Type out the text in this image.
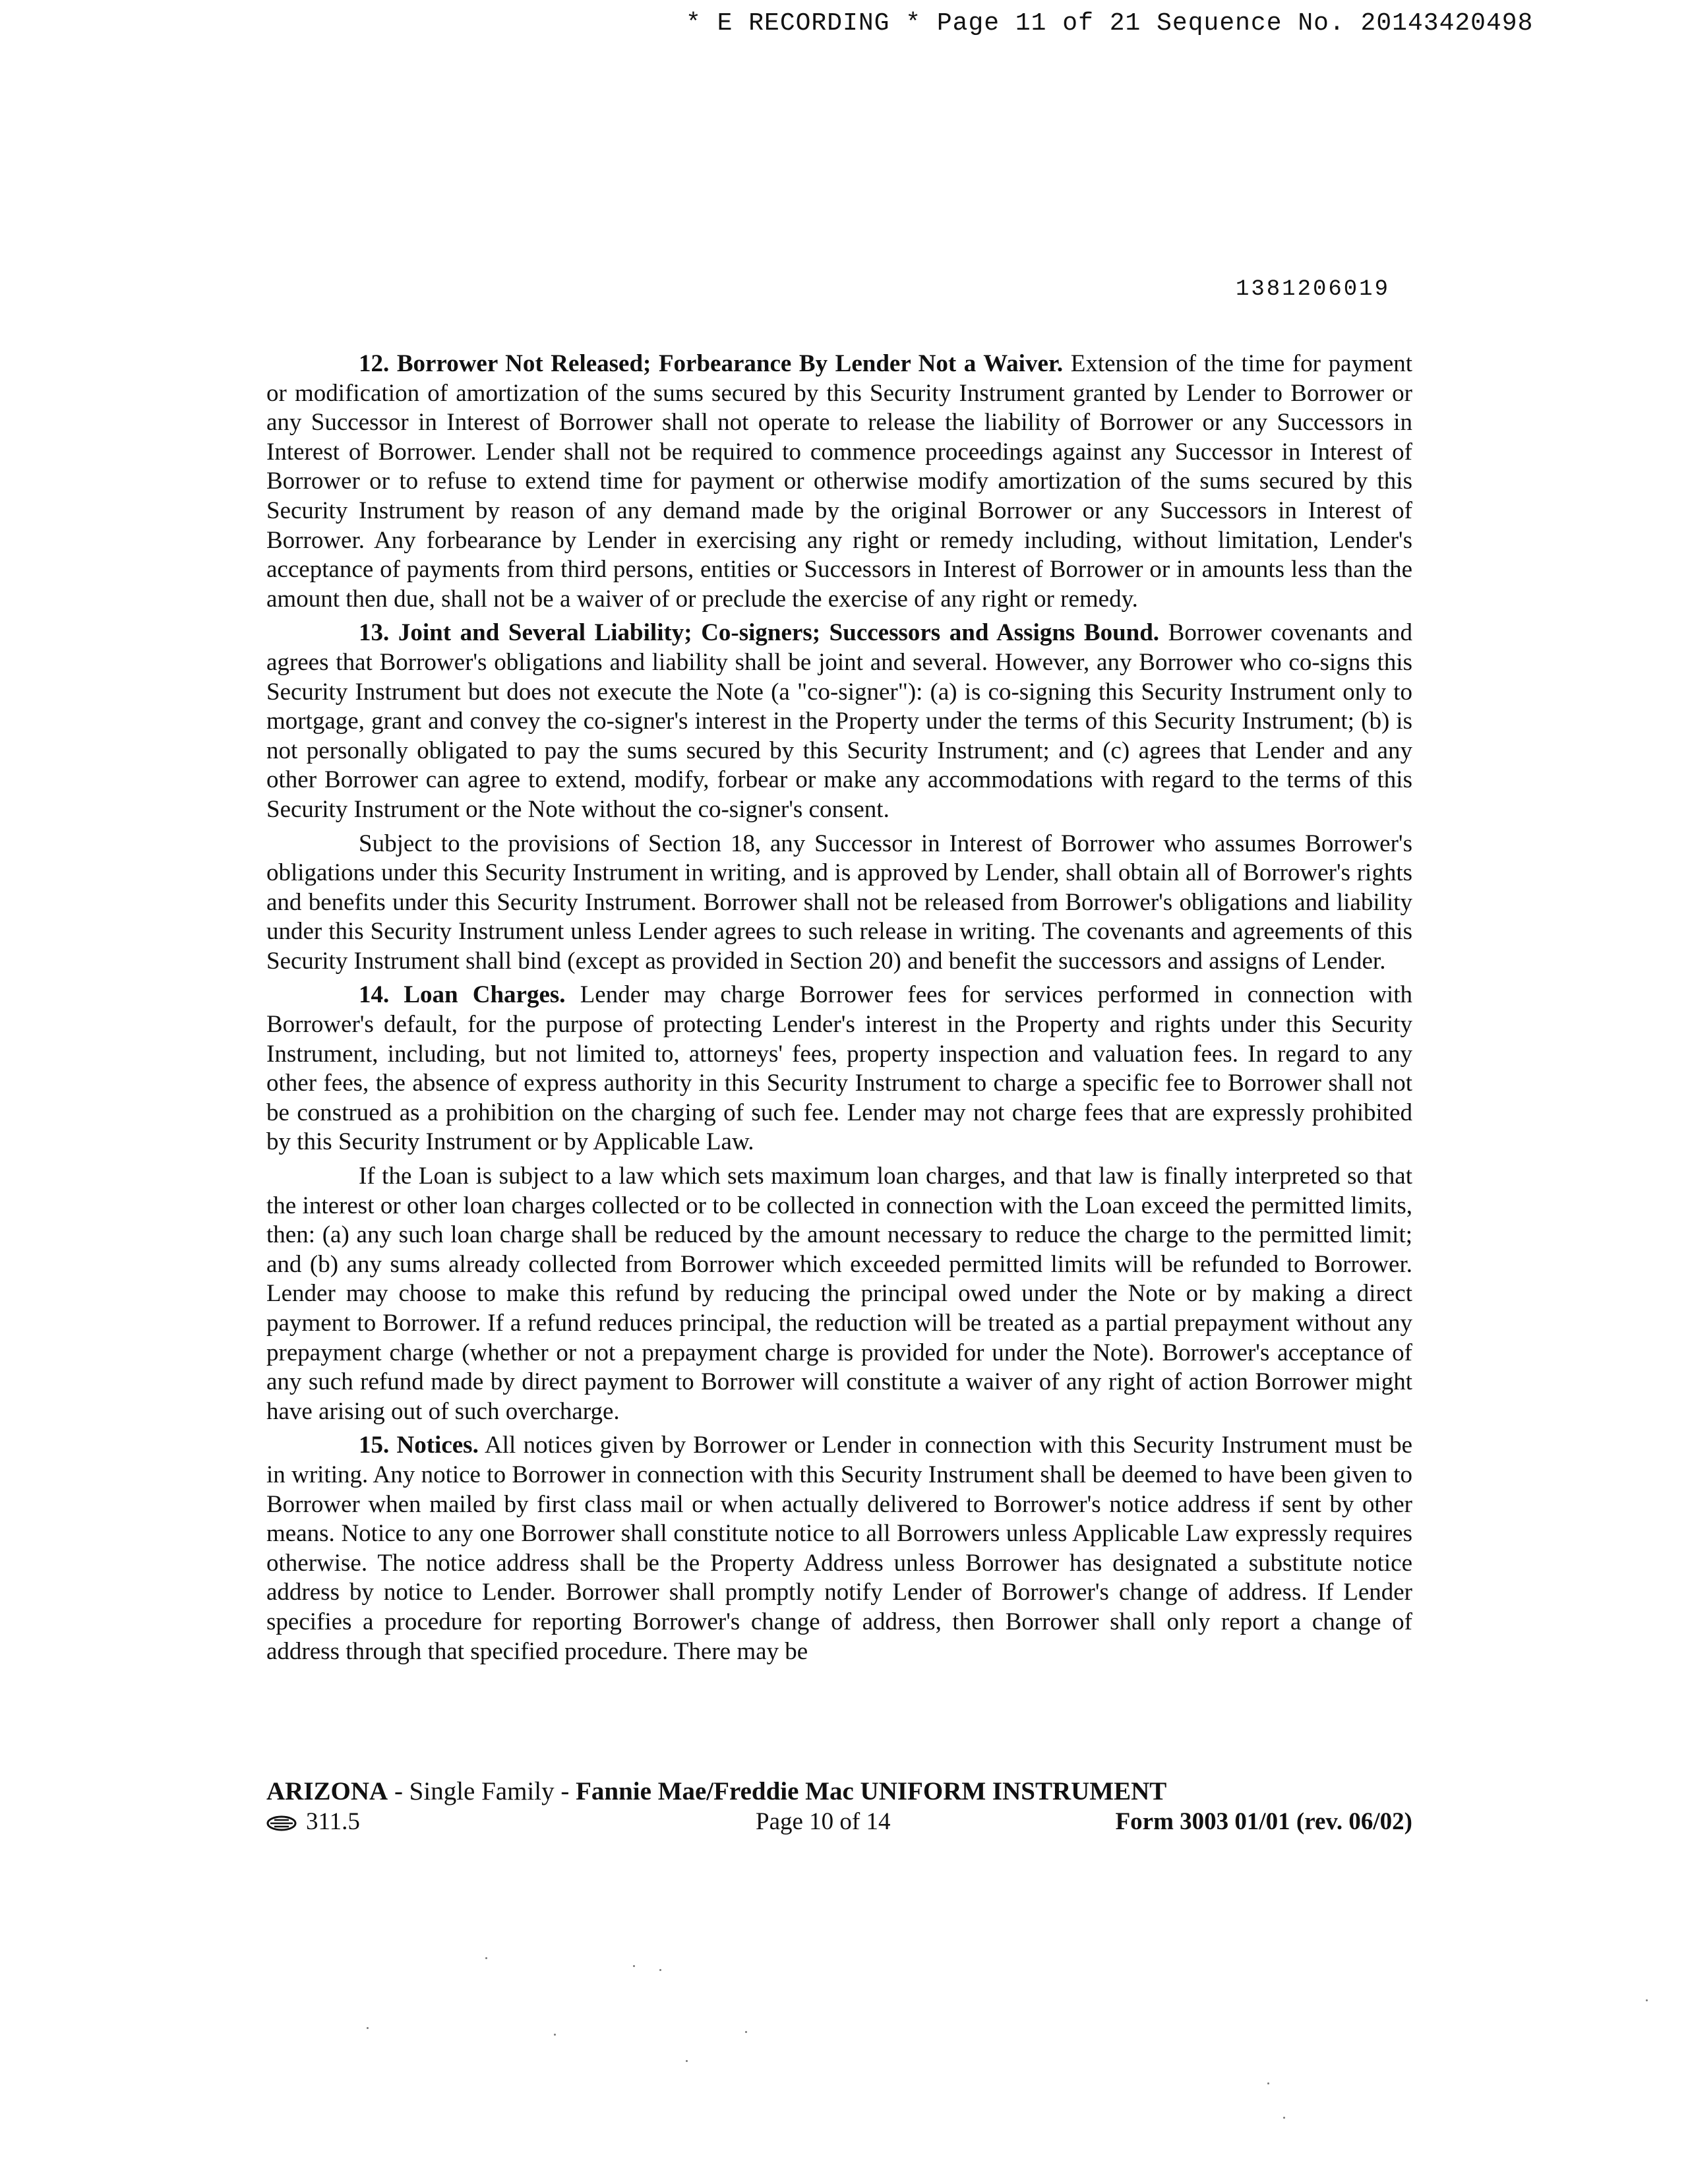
* E RECORDING * Page 11 of 21 Sequence No. 20143420498
1381206019

12. Borrower Not Released; Forbearance By Lender Not a Waiver. Extension of the time for payment or modification of amortization of the sums secured by this Security Instrument granted by Lender to Borrower or any Successor in Interest of Borrower shall not operate to release the liability of Borrower or any Successors in Interest of Borrower. Lender shall not be required to commence proceedings against any Successor in Interest of Borrower or to refuse to extend time for payment or otherwise modify amortization of the sums secured by this Security Instrument by reason of any demand made by the original Borrower or any Successors in Interest of Borrower. Any forbearance by Lender in exercising any right or remedy including, without limitation, Lender's acceptance of payments from third persons, entities or Successors in Interest of Borrower or in amounts less than the amount then due, shall not be a waiver of or preclude the exercise of any right or remedy.

13. Joint and Several Liability; Co-signers; Successors and Assigns Bound. Borrower covenants and agrees that Borrower's obligations and liability shall be joint and several. However, any Borrower who co-signs this Security Instrument but does not execute the Note (a "co-signer"): (a) is co-signing this Security Instrument only to mortgage, grant and convey the co-signer's interest in the Property under the terms of this Security Instrument; (b) is not personally obligated to pay the sums secured by this Security Instrument; and (c) agrees that Lender and any other Borrower can agree to extend, modify, forbear or make any accommodations with regard to the terms of this Security Instrument or the Note without the co-signer's consent.

Subject to the provisions of Section 18, any Successor in Interest of Borrower who assumes Borrower's obligations under this Security Instrument in writing, and is approved by Lender, shall obtain all of Borrower's rights and benefits under this Security Instrument. Borrower shall not be released from Borrower's obligations and liability under this Security Instrument unless Lender agrees to such release in writing. The covenants and agreements of this Security Instrument shall bind (except as provided in Section 20) and benefit the successors and assigns of Lender.

14. Loan Charges. Lender may charge Borrower fees for services performed in connection with Borrower's default, for the purpose of protecting Lender's interest in the Property and rights under this Security Instrument, including, but not limited to, attorneys' fees, property inspection and valuation fees. In regard to any other fees, the absence of express authority in this Security Instrument to charge a specific fee to Borrower shall not be construed as a prohibition on the charging of such fee. Lender may not charge fees that are expressly prohibited by this Security Instrument or by Applicable Law.

If the Loan is subject to a law which sets maximum loan charges, and that law is finally interpreted so that the interest or other loan charges collected or to be collected in connection with the Loan exceed the permitted limits, then: (a) any such loan charge shall be reduced by the amount necessary to reduce the charge to the permitted limit; and (b) any sums already collected from Borrower which exceeded permitted limits will be refunded to Borrower. Lender may choose to make this refund by reducing the principal owed under the Note or by making a direct payment to Borrower. If a refund reduces principal, the reduction will be treated as a partial prepayment without any prepayment charge (whether or not a prepayment charge is provided for under the Note). Borrower's acceptance of any such refund made by direct payment to Borrower will constitute a waiver of any right of action Borrower might have arising out of such overcharge.

15. Notices. All notices given by Borrower or Lender in connection with this Security Instrument must be in writing. Any notice to Borrower in connection with this Security Instrument shall be deemed to have been given to Borrower when mailed by first class mail or when actually delivered to Borrower's notice address if sent by other means. Notice to any one Borrower shall constitute notice to all Borrowers unless Applicable Law expressly requires otherwise. The notice address shall be the Property Address unless Borrower has designated a substitute notice address by notice to Lender. Borrower shall promptly notify Lender of Borrower's change of address. If Lender specifies a procedure for reporting Borrower's change of address, then Borrower shall only report a change of address through that specified procedure. There may be

ARIZONA - Single Family - Fannie Mae/Freddie Mac UNIFORM INSTRUMENT
311.5	Page 10 of 14	Form 3003 01/01 (rev. 06/02)
